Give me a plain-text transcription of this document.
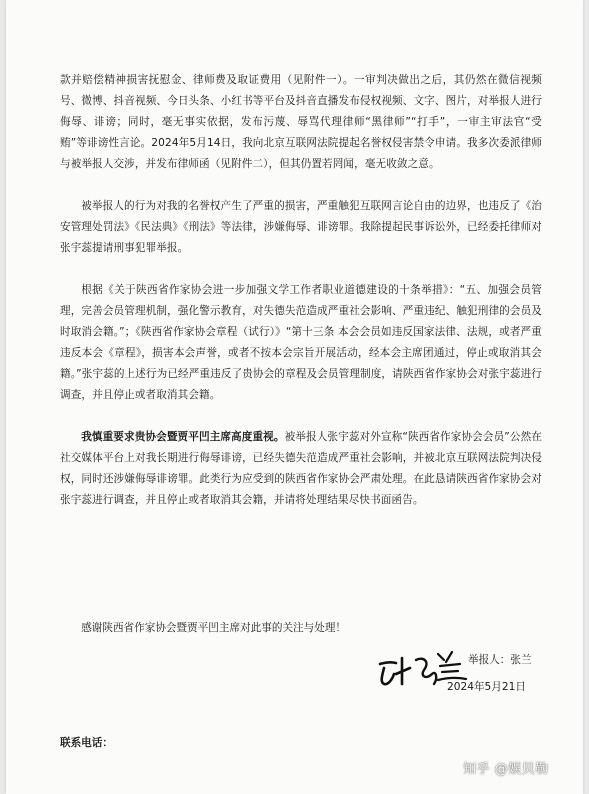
款并赔偿精神损害抚慰金、律师费及取证费用（见附件一）。一审判决做出之后，其仍然在微信视频号、微博、抖音视频、今日头条、小红书等平台及抖音直播发布侵权视频、文字、图片，对举报人进行侮辱、诽谤；同时，毫无事实依据，发布污蔑、辱骂代理律师“黑律师”“打手”，一审主审法官“受贿”等诽谤性言论。2024年5月14日，我向北京互联网法院提起名誉权侵害禁令申请。我多次委派律师与被举报人交涉，并发布律师函（见附件二），但其仍置若罔闻，毫无收敛之意。

被举报人的行为对我的名誉权产生了严重的损害，严重触犯互联网言论自由的边界，也违反了《治安管理处罚法》《民法典》《刑法》等法律，涉嫌侮辱、诽谤罪。我除提起民事诉讼外，已经委托律师对张宇蕊提请刑事犯罪举报。

根据《关于陕西省作家协会进一步加强文学工作者职业道德建设的十条举措》：“五、加强会员管理，完善会员管理机制，强化警示教育，对失德失范造成严重社会影响、严重违纪、触犯刑律的会员及时取消会籍。”；《陕西省作家协会章程（试行）》“第十三条 本会会员如违反国家法律、法规，或者严重违反本会《章程》，损害本会声誉，或者不按本会宗旨开展活动，经本会主席团通过，停止或取消其会籍。”张宇蕊的上述行为已经严重违反了贵协会的章程及会员管理制度，请陕西省作家协会对张宇蕊进行调查，并且停止或者取消其会籍。

我慎重要求贵协会暨贾平凹主席高度重视。被举报人张宇蕊对外宣称“陕西省作家协会会员”公然在社交媒体平台上对我长期进行侮辱诽谤，已经失德失范造成严重社会影响，并被北京互联网法院判决侵权，同时还涉嫌侮辱诽谤罪。此类行为应受到的陕西省作家协会严肃处理。在此恳请陕西省作家协会对张宇蕊进行调查，并且停止或者取消其会籍，并请将处理结果尽快书面函告。

感谢陕西省作家协会暨贾平凹主席对此事的关注与处理！

举报人：张兰
2024年5月21日
联系电话：
知乎 @娱贝勒
